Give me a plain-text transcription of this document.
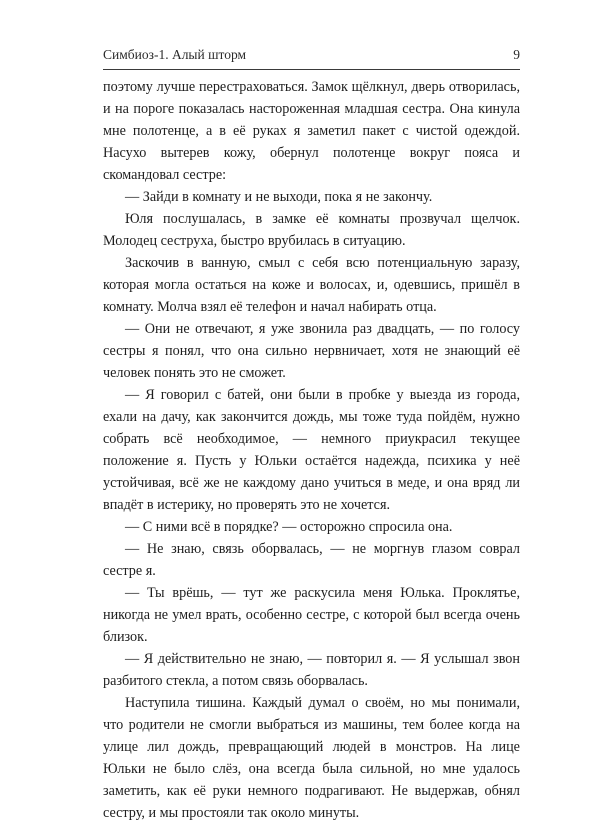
Симбиоз-1. Алый шторм	9

поэтому лучше перестраховаться. Замок щёлкнул, дверь отворилась, и на пороге показалась настороженная младшая сестра. Она кинула мне полотенце, а в её руках я заметил пакет с чистой одеждой. Насухо вытерев кожу, обернул полотенце вокруг пояса и скомандовал сестре:

— Зайди в комнату и не выходи, пока я не закончу.

Юля послушалась, в замке её комнаты прозвучал щелчок. Молодец сеструха, быстро врубилась в ситуацию.

Заскочив в ванную, смыл с себя всю потенциальную заразу, которая могла остаться на коже и волосах, и, одевшись, пришёл в комнату. Молча взял её телефон и начал набирать отца.

— Они не отвечают, я уже звонила раз двадцать, — по голосу сестры я понял, что она сильно нервничает, хотя не знающий её человек понять это не сможет.

— Я говорил с батей, они были в пробке у выезда из города, ехали на дачу, как закончится дождь, мы тоже туда пойдём, нужно собрать всё необходимое, — немного приукрасил текущее положение я. Пусть у Юльки остаётся надежда, психика у неё устойчивая, всё же не каждому дано учиться в меде, и она вряд ли впадёт в истерику, но проверять это не хочется.

— С ними всё в порядке? — осторожно спросила она.

— Не знаю, связь оборвалась, — не моргнув глазом соврал сестре я.

— Ты врёшь, — тут же раскусила меня Юлька. Проклятье, никогда не умел врать, особенно сестре, с которой был всегда очень близок.

— Я действительно не знаю, — повторил я. — Я услышал звон разбитого стекла, а потом связь оборвалась.

Наступила тишина. Каждый думал о своём, но мы понимали, что родители не смогли выбраться из машины, тем более когда на улице лил дождь, превращающий людей в монстров. На лице Юльки не было слёз, она всегда была сильной, но мне удалось заметить, как её руки немного подрагивают. Не выдержав, обнял сестру, и мы простояли так около минуты.
